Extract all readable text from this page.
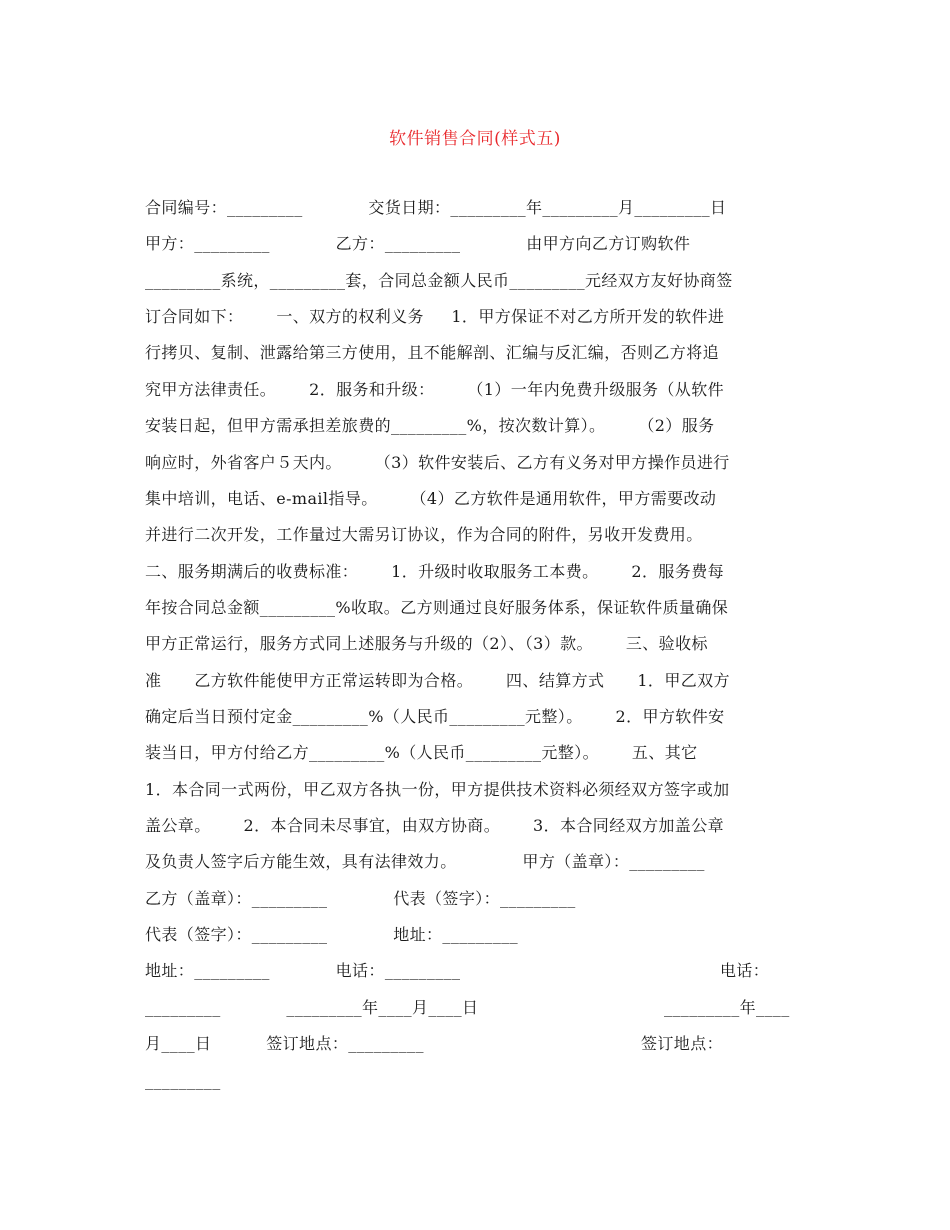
软件销售合同(样式五)
合同编号：_________            交货日期：_________年_________月_________日
甲方：_________            乙方：_________            由甲方向乙方订购软件
_________系统，_________套，合同总金额人民币_________元经双方友好协商签
订合同如下：      一、双方的权利义务     1．甲方保证不对乙方所开发的软件进
行拷贝、复制、泄露给第三方使用，且不能解剖、汇编与反汇编，否则乙方将追
究甲方法律责任。      2．服务和升级：      （1）一年内免费升级服务（从软件
安装日起，但甲方需承担差旅费的_________%，按次数计算）。      （2）服务
响应时，外省客户５天内。      （3）软件安装后、乙方有义务对甲方操作员进行
集中培训，电话、e-mail指导。      （4）乙方软件是通用软件，甲方需要改动
并进行二次开发，工作量过大需另订协议，作为合同的附件，另收开发费用。
二、服务期满后的收费标准：      1．升级时收取服务工本费。      2．服务费每
年按合同总金额_________%收取。乙方则通过良好服务体系，保证软件质量确保
甲方正常运行，服务方式同上述服务与升级的（2）、（3）款。      三、验收标
准      乙方软件能使甲方正常运转即为合格。      四、结算方式      1．甲乙双方
确定后当日预付定金_________%（人民币_________元整）。      2．甲方软件安
装当日，甲方付给乙方_________%（人民币_________元整）。      五、其它
1．本合同一式两份，甲乙双方各执一份，甲方提供技术资料必须经双方签字或加
盖公章。      2．本合同未尽事宜，由双方协商。      3．本合同经双方加盖公章
及负责人签字后方能生效，具有法律效力。            甲方（盖章）：_________
乙方（盖章）：_________            代表（签字）：_________
代表（签字）：_________            地址：_________
地址：_________            电话：_________
_________            _________年____月____日
月____日          签订地点：_________
_________
电话：
_________年____
签订地点：
